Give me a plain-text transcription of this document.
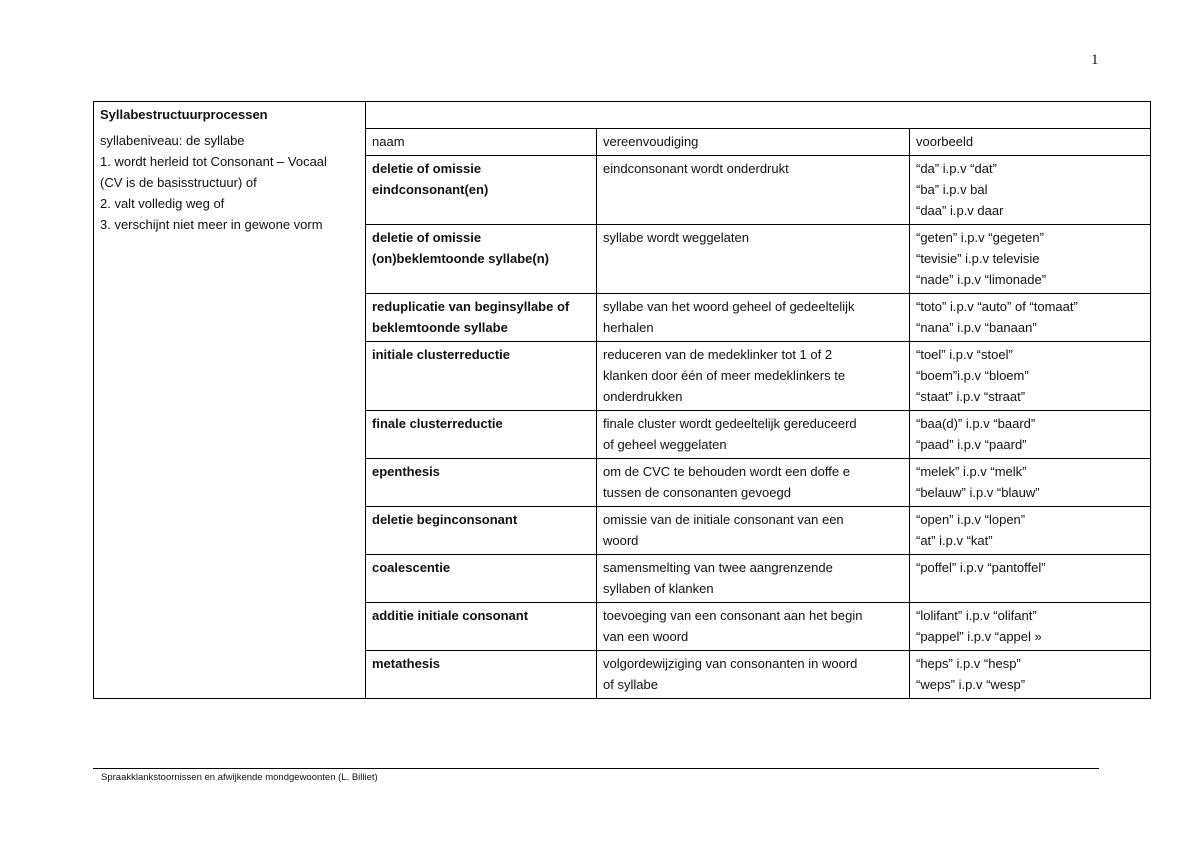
1
Syllabestructuurprocessen			

syllabeniveau: de syllabe
1. wordt herleid tot Consonant – Vocaal
(CV is de basisstructuur) of
2. valt volledig weg of
3. verschijnt niet meer in gewone vorm	naam	vereenvoudiging	voorbeeld

	deletie of omissie
eindconsonant(en)	eindconsonant wordt onderdrukt	“da” i.p.v “dat”
“ba” i.p.v bal
“daa” i.p.v daar

	deletie of omissie
(on)beklemtoonde syllabe(n)	syllabe wordt weggelaten	“geten” i.p.v “gegeten”
“tevisie” i.p.v televisie
“nade” i.p.v “limonade”

	reduplicatie van beginsyllabe of
beklemtoonde syllabe	syllabe van het woord geheel of gedeeltelijk
herhalen	“toto” i.p.v “auto” of “tomaat”
“nana” i.p.v “banaan”

	initiale clusterreductie	reduceren van de medeklinker tot 1 of 2
klanken door één of meer medeklinkers te
onderdrukken	“toel” i.p.v “stoel”
“boem”i.p.v “bloem”
“staat” i.p.v “straat”

	finale clusterreductie	finale cluster wordt gedeeltelijk gereduceerd
of geheel weggelaten	“baa(d)” i.p.v “baard”
“paad” i.p.v “paard”

	epenthesis	om de CVC te behouden wordt een doffe e
tussen de consonanten gevoegd	“melek” i.p.v “melk”
“belauw” i.p.v “blauw”

	deletie beginconsonant	omissie van de initiale consonant van een
woord	“open” i.p.v “lopen”
“at” i.p.v “kat”

	coalescentie	samensmelting van twee aangrenzende
syllaben of klanken	“poffel” i.p.v “pantoffel”

	additie initiale consonant	toevoeging van een consonant aan het begin
van een woord	“lolifant” i.p.v “olifant”
“pappel” i.p.v “appel »

	metathesis	volgordewijziging van consonanten in woord
of syllabe	“heps” i.p.v “hesp”
“weps” i.p.v “wesp”
Spraakklankstoornissen en afwijkende mondgewoonten (L. Billiet)
